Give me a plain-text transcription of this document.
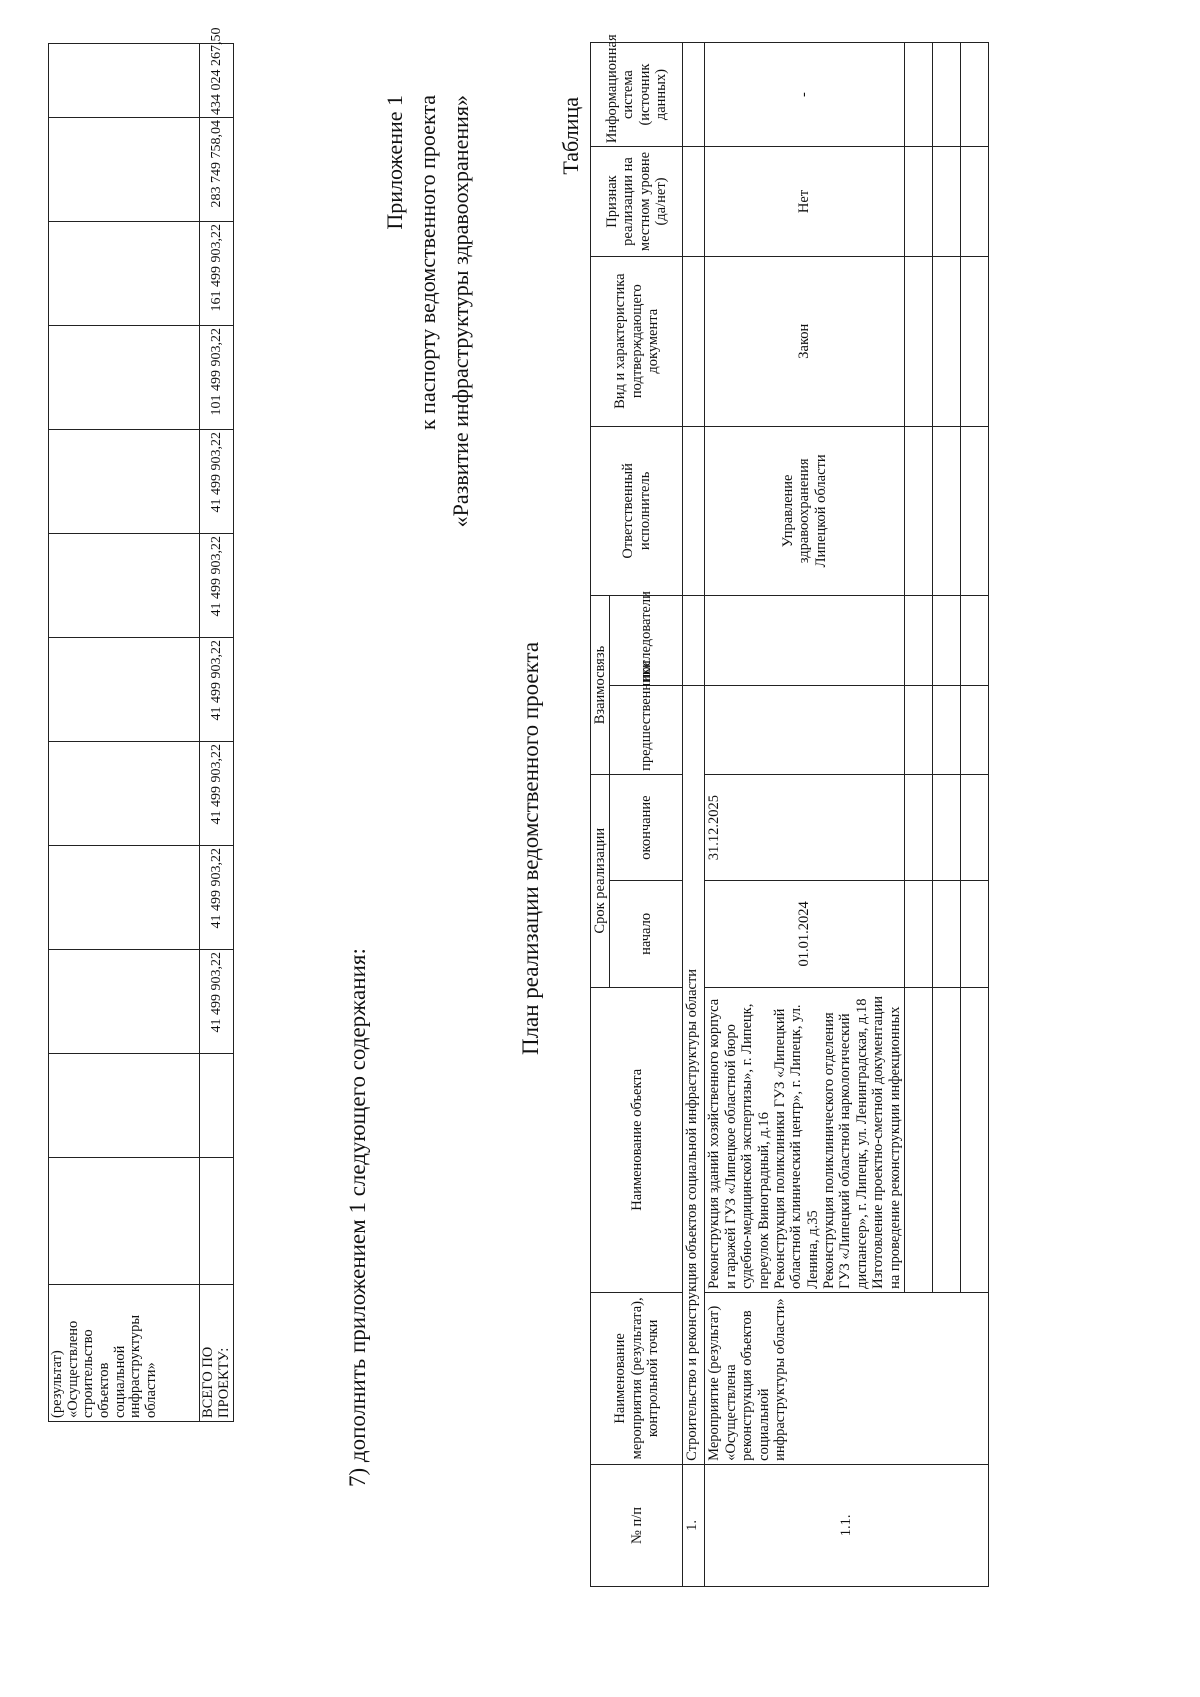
(результат) «Осуществлено строительство объектов социальной инфраструктуры области»												
ВСЕГО ПО ПРОЕКТУ:			41 499 903,22	41 499 903,22	41 499 903,22	41 499 903,22	41 499 903,22	41 499 903,22	101 499 903,22	161 499 903,22	283 749 758,04	434 024 267,50
7) дополнить приложением 1 следующего содержания:
Приложение 1 к паспорту ведомственного проекта «Развитие инфраструктуры здравоохранения»
План реализации ведомственного проекта
Таблица
№ п/п	Наименование мероприятия (результата), контрольной точки	Наименование объекта	Срок реализации		Взаимосвязь		Ответственный исполнитель	Вид и характеристика подтверждающего документа	Признак реализации на местном уровне (да/нет)	Информационная система (источник данных)
			начало	окончание	предшественники	последователи				
1.	Строительство и реконструкция объектов социальной инфраструктуры области									
1.1.	Мероприятие (результат) «Осуществлена реконструкция объектов социальной инфраструктуры области»	Реконструкция зданий хозяйственного корпуса и гаражей ГУЗ «Липецкое областной бюро судебно-медицинской экспертизы», г. Липецк, переулок Виноградный, д.16 Реконструкция поликлиники ГУЗ «Липецкий областной клинический центр», г. Липецк, ул. Ленина, д.35 Реконструкция поликлинического отделения ГУЗ «Липецкий областной наркологический диспансер», г. Липецк, ул. Ленинградская, д.18 Изготовление проектно-сметной документации на проведение реконструкции инфекционных	01.01.2024	31.12.2025			Управление здравоохранения Липецкой области	Закон	Нет	-
